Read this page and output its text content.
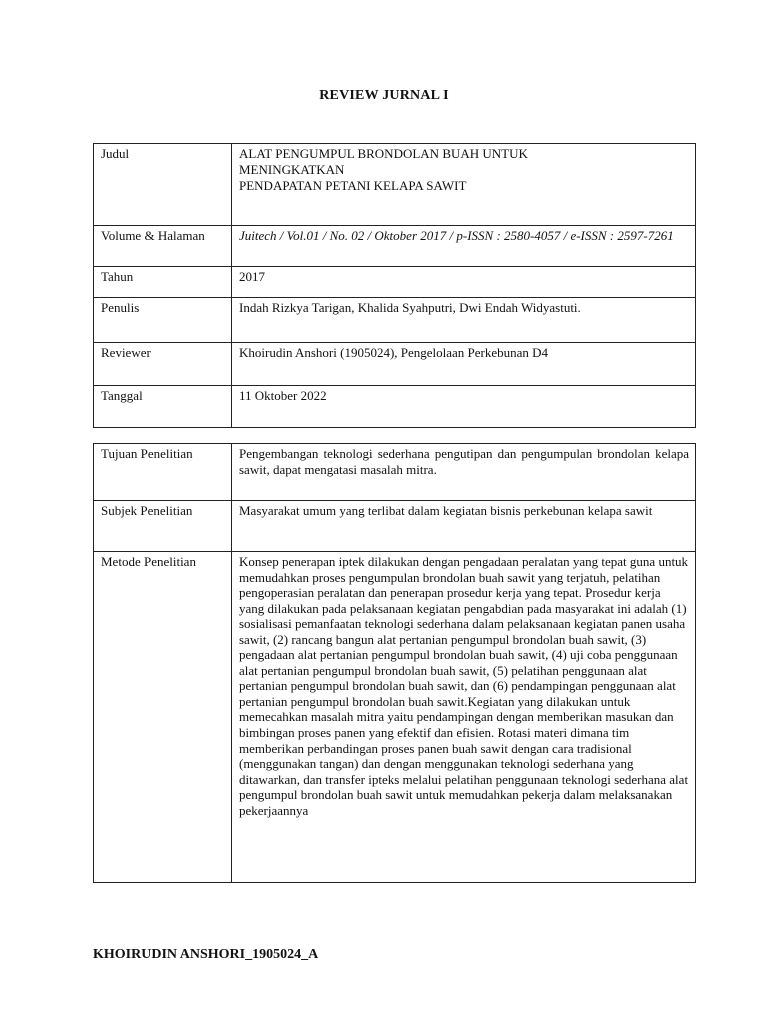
REVIEW JURNAL I
Judul	ALAT PENGUMPUL BRONDOLAN BUAH UNTUK
MENINGKATKAN
PENDAPATAN PETANI KELAPA SAWIT

Volume & Halaman	Juitech / Vol.01 / No. 02 / Oktober 2017 / p-ISSN : 2580-4057 / e-ISSN : 2597-7261
Tahun	2017
Penulis	Indah Rizkya Tarigan, Khalida Syahputri, Dwi Endah Widyastuti.
Reviewer	Khoirudin Anshori (1905024), Pengelolaan Perkebunan D4
Tanggal	11 Oktober 2022
Tujuan Penelitian	Pengembangan teknologi sederhana pengutipan dan pengumpulan brondolan kelapa sawit, dapat mengatasi masalah mitra.
Subjek Penelitian	Masyarakat umum yang terlibat dalam kegiatan bisnis perkebunan kelapa sawit
Metode Penelitian	Konsep penerapan iptek dilakukan dengan pengadaan peralatan yang tepat guna untuk memudahkan proses pengumpulan brondolan buah sawit yang terjatuh, pelatihan pengoperasian peralatan dan penerapan prosedur kerja yang tepat. Prosedur kerja yang dilakukan pada pelaksanaan kegiatan pengabdian pada masyarakat ini adalah (1) sosialisasi pemanfaatan teknologi sederhana dalam pelaksanaan kegiatan panen usaha sawit, (2) rancang bangun alat pertanian pengumpul brondolan buah sawit, (3) pengadaan alat pertanian pengumpul brondolan buah sawit, (4) uji coba penggunaan alat pertanian pengumpul brondolan buah sawit, (5) pelatihan penggunaan alat pertanian pengumpul brondolan buah sawit, dan (6) pendampingan penggunaan alat pertanian pengumpul brondolan buah sawit.Kegiatan yang dilakukan untuk memecahkan masalah mitra yaitu pendampingan dengan memberikan masukan dan bimbingan proses panen yang efektif dan efisien. Rotasi materi dimana tim memberikan perbandingan proses panen buah sawit dengan cara tradisional (menggunakan tangan) dan dengan menggunakan teknologi sederhana yang ditawarkan, dan transfer ipteks melalui pelatihan penggunaan teknologi sederhana alat pengumpul brondolan buah sawit untuk memudahkan pekerja dalam melaksanakan pekerjaannya
KHOIRUDIN ANSHORI_1905024_A
